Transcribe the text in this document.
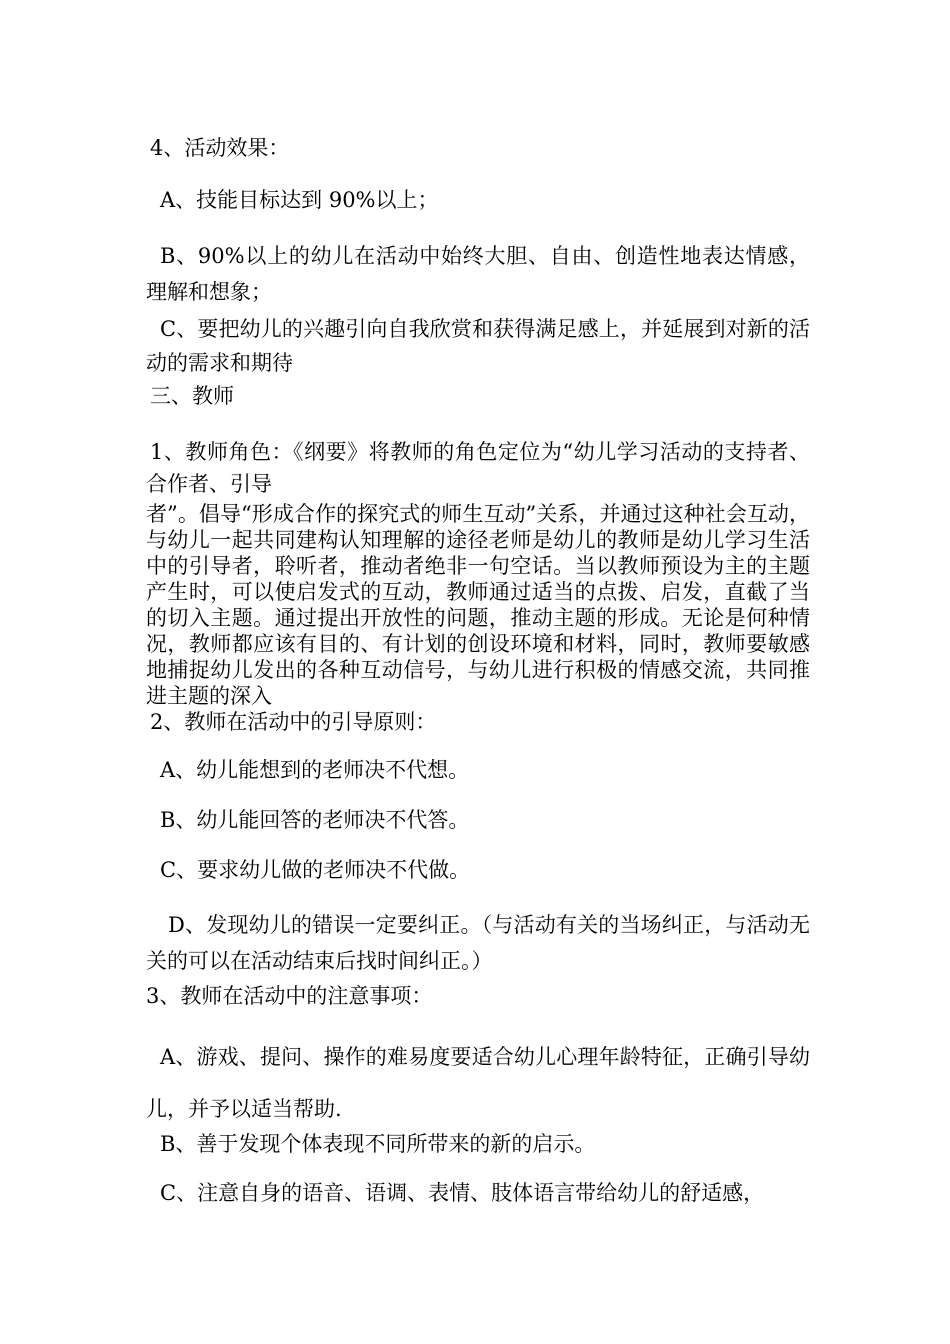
4、活动效果：
A、技能目标达到 90%以上；
B、90%以上的幼儿在活动中始终大胆、自由、创造性地表达情感，理解和想象；
C、要把幼儿的兴趣引向自我欣赏和获得满足感上，并延展到对新的活动的需求和期待
三、教师
1、教师角色：《纲要》将教师的角色定位为“幼儿学习活动的支持者、合作者、引导
者”。倡导“形成合作的探究式的师生互动”关系，并通过这种社会互动，与幼儿一起共同建构认知理解的途径老师是幼儿的教师是幼儿学习生活中的引导者，聆听者，推动者绝非一句空话。当以教师预设为主的主题产生时，可以使启发式的互动，教师通过适当的点拨、启发，直截了当的切入主题。通过提出开放性的问题，推动主题的形成。无论是何种情况，教师都应该有目的、有计划的创设环境和材料，同时，教师要敏感地捕捉幼儿发出的各种互动信号，与幼儿进行积极的情感交流，共同推进主题的深入
2、教师在活动中的引导原则：
A、幼儿能想到的老师决不代想。
B、幼儿能回答的老师决不代答。
C、要求幼儿做的老师决不代做。
D、发现幼儿的错误一定要纠正。（与活动有关的当场纠正，与活动无关的可以在活动结束后找时间纠正。）
3、教师在活动中的注意事项：
A、游戏、提问、操作的难易度要适合幼儿心理年龄特征，正确引导幼儿，并予以适当帮助.
B、善于发现个体表现不同所带来的新的启示。
C、注意自身的语音、语调、表情、肢体语言带给幼儿的舒适感，
